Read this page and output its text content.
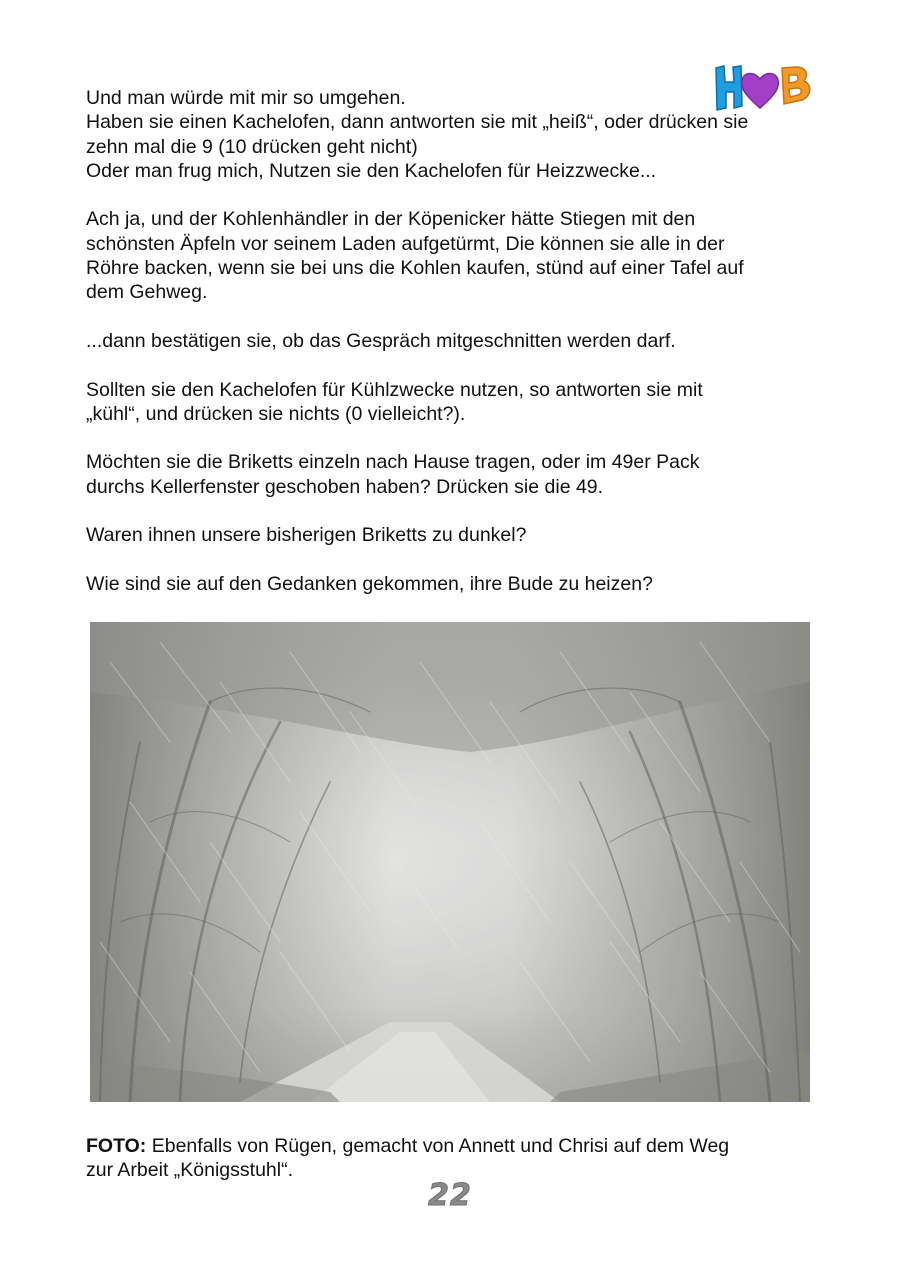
Und man würde mit mir so umgehen.
Haben sie einen Kachelofen, dann antworten sie mit „heiß“, oder drücken sie
zehn mal die 9 (10 drücken geht nicht)
Oder man frug mich, Nutzen sie den Kachelofen für Heizzwecke...

Ach ja, und der Kohlenhändler in der Köpenicker hätte Stiegen mit den
schönsten Äpfeln vor seinem Laden aufgetürmt, Die können sie alle in der
Röhre backen, wenn sie bei uns die Kohlen kaufen, stünd auf einer Tafel auf
dem Gehweg.

...dann bestätigen sie, ob das Gespräch mitgeschnitten werden darf.

Sollten sie den Kachelofen für Kühlzwecke nutzen, so antworten sie mit
„kühl“, und drücken sie nichts (0 vielleicht?).

Möchten sie die Briketts einzeln nach Hause tragen, oder im 49er Pack
durchs Kellerfenster geschoben haben? Drücken sie die 49.

Waren ihnen unsere bisherigen Briketts zu dunkel?

Wie sind sie auf den Gedanken gekommen, ihre Bude zu heizen?

FOTO: Ebenfalls von Rügen, gemacht von Annett und Chrisi auf dem Weg
zur Arbeit „Königsstuhl“.
22
